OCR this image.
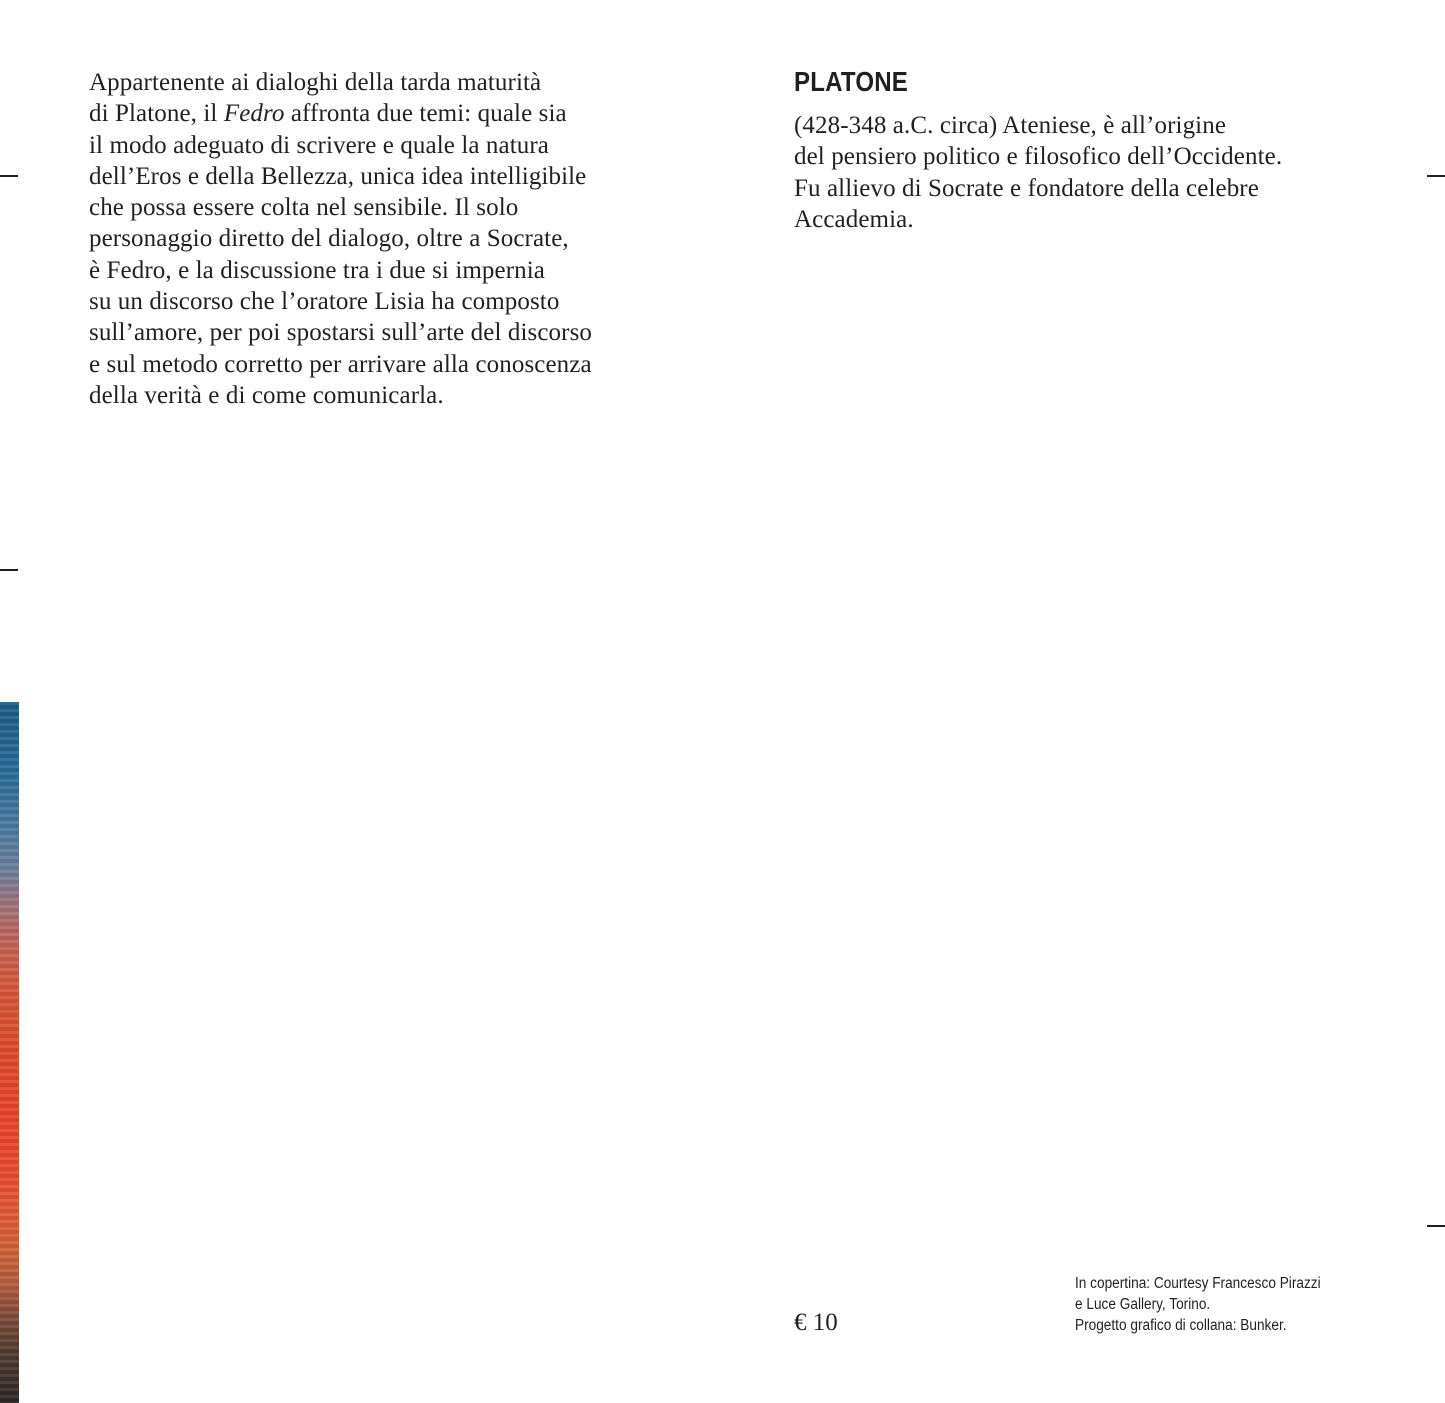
Appartenente ai dialoghi della tarda maturità
di Platone, il Fedro affronta due temi: quale sia
il modo adeguato di scrivere e quale la natura
dell’Eros e della Bellezza, unica idea intelligibile
che possa essere colta nel sensibile. Il solo
personaggio diretto del dialogo, oltre a Socrate,
è Fedro, e la discussione tra i due si impernia
su un discorso che l’oratore Lisia ha composto
sull’amore, per poi spostarsi sull’arte del discorso
e sul metodo corretto per arrivare alla conoscenza
della verità e di come comunicarla.

PLATONE

(428-348 a.C. circa) Ateniese, è all’origine
del pensiero politico e filosofico dell’Occidente.
Fu allievo di Socrate e fondatore della celebre
Accademia.

€ 10

In copertina: Courtesy Francesco Pirazzi
e Luce Gallery, Torino.
Progetto grafico di collana: Bunker.
